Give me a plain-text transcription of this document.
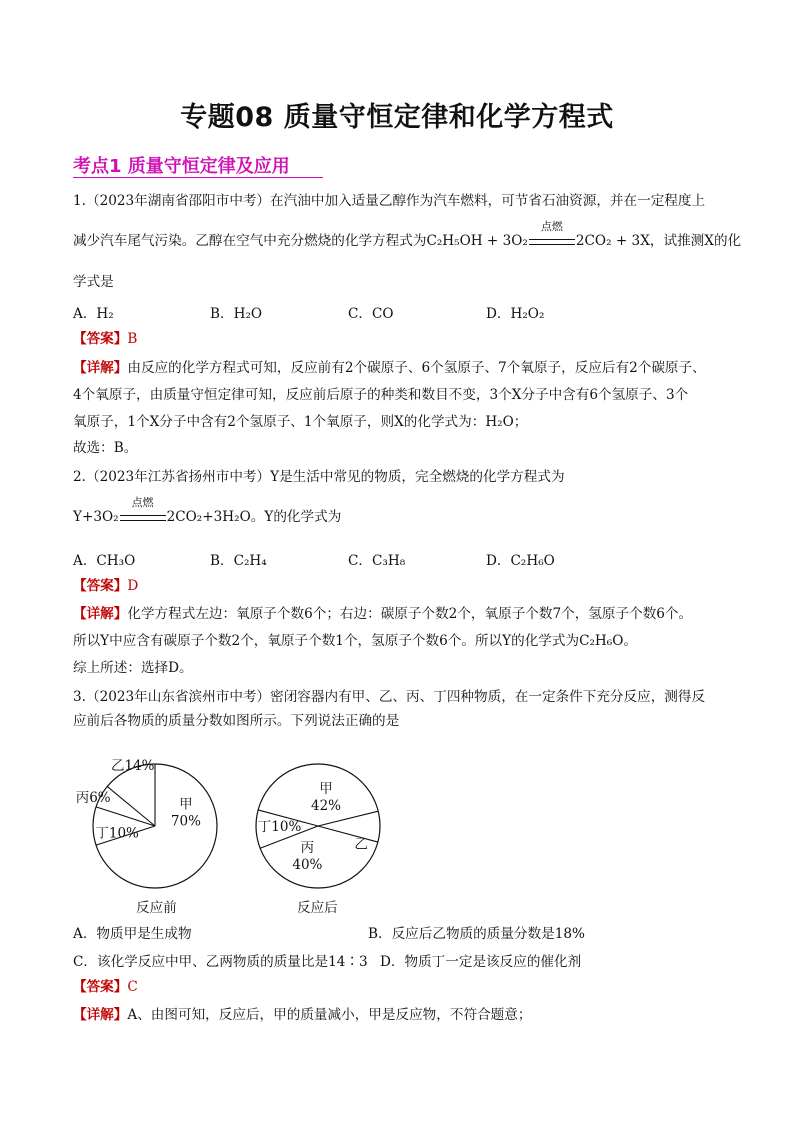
专题08 质量守恒定律和化学方程式
考点1 质量守恒定律及应用
1.（2023年湖南省邵阳市中考）在汽油中加入适量乙醇作为汽车燃料，可节省石油资源，并在一定程度上
减少汽车尾气污染。乙醇在空气中充分燃烧的化学方程式为C₂H₅OH + 3O₂
点燃
2CO₂ + 3X，试推测X的化
学式是
A．H₂	B．H₂O	C．CO	D．H₂O₂
【答案】B
【详解】由反应的化学方程式可知，反应前有2个碳原子、6个氢原子、7个氧原子，反应后有2个碳原子、
4个氧原子，由质量守恒定律可知，反应前后原子的种类和数目不变，3个X分子中含有6个氢原子、3个
氧原子，1个X分子中含有2个氢原子、1个氧原子，则X的化学式为：H₂O；
故选：B。
2.（2023年江苏省扬州市中考）Y是生活中常见的物质，完全燃烧的化学方程式为
Y+3O₂
点燃
2CO₂+3H₂O。Y的化学式为
A．CH₃O	B．C₂H₄	C．C₃H₈	D．C₂H₆O
【答案】D
【详解】化学方程式左边：氧原子个数6个；右边：碳原子个数2个，氧原子个数7个，氢原子个数6个。
所以Y中应含有碳原子个数2个，氧原子个数1个，氢原子个数6个。所以Y的化学式为C₂H₆O。
综上所述：选择D。
3.（2023年山东省滨州市中考）密闭容器内有甲、乙、丙、丁四种物质，在一定条件下充分反应，测得反
应前后各物质的质量分数如图所示。下列说法正确的是
甲 70%
乙14%
丙6%
丁10%
甲 42%
乙
丙 40%
丁10%
反应前	反应后
A．物质甲是生成物	B．反应后乙物质的质量分数是18%
C．该化学反应中甲、乙两物质的质量比是14∶3 D．物质丁一定是该反应的催化剂
【答案】C
【详解】A、由图可知，反应后，甲的质量减小，甲是反应物，不符合题意；
